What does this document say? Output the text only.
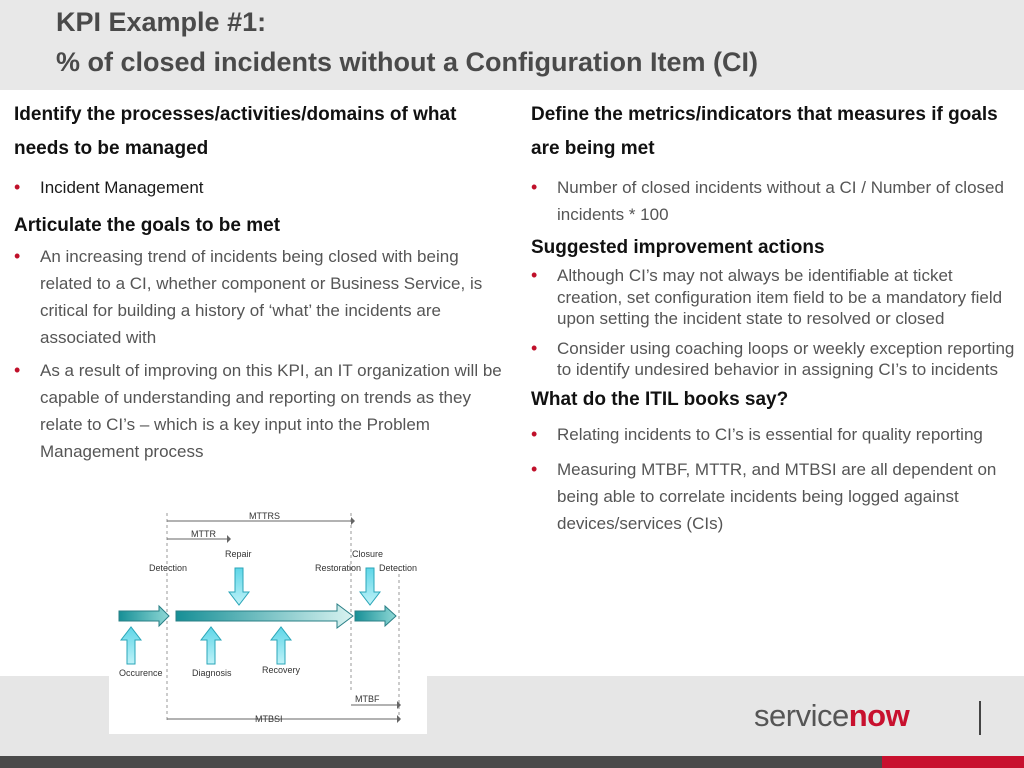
KPI Example #1:
% of closed incidents without a Configuration Item (CI)
Identify the processes/activities/domains of what needs to be managed
• Incident Management
Articulate the goals to be met
• An increasing trend of incidents being closed with being related to a CI, whether component or Business Service, is critical for building a history of ‘what’ the incidents are associated with
• As a result of improving on this KPI, an IT organization will be capable of understanding and reporting on trends as they relate to CI’s – which is a key input into the Problem Management process
Define the metrics/indicators that measures if goals are being met
• Number of closed incidents without a CI / Number of closed incidents * 100
Suggested improvement actions
• Although CI’s may not always be identifiable at ticket creation, set configuration item field to be a mandatory field upon setting the incident state to resolved or closed
• Consider using coaching loops or weekly exception reporting to identify undesired behavior in assigning CI’s to incidents
What do the ITIL books say?
• Relating incidents to CI’s is essential for quality reporting
• Measuring MTBF, MTTR, and MTBSI are all dependent on being able to correlate incidents being logged against devices/services (CIs)
servicenow
MTTRS
MTTR
Repair	Closure
Detection	Restoration Detection
Occurence	Diagnosis	Recovery
MTBF
MTBSI
